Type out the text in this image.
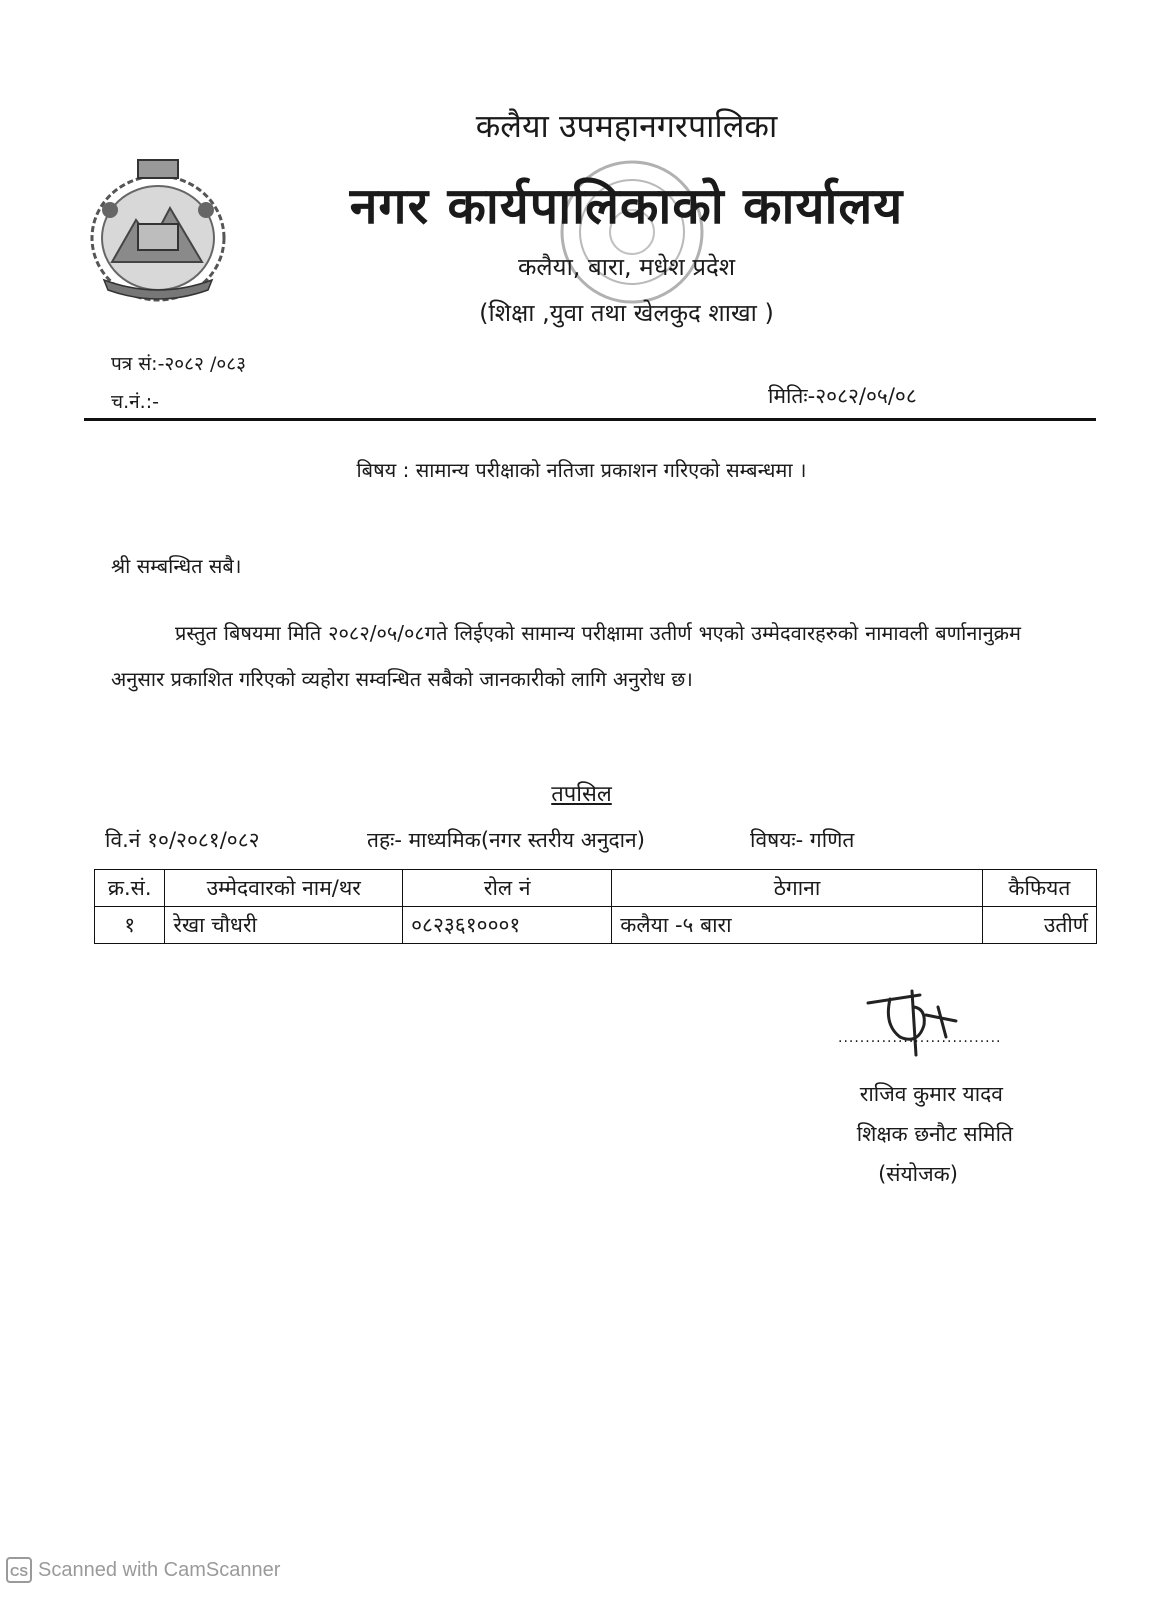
कलैया उपमहानगरपालिका
नगर कार्यपालिकाको कार्यालय
कलैया, बारा, मधेश प्रदेश
(शिक्षा ,युवा तथा खेलकुद शाखा )
पत्र सं:-२०८२ /०८३
च.नं.:-	मितिः-२०८२/०५/०८
बिषय : सामान्य परीक्षाको नतिजा प्रकाशन गरिएको सम्बन्धमा ।
श्री सम्बन्धित सबै।
प्रस्तुत बिषयमा मिति २०८२/०५/०८गते लिईएको सामान्य परीक्षामा उतीर्ण भएको उम्मेदवारहरुको नामावली बर्णानानुक्रम अनुसार प्रकाशित गरिएको व्यहोरा सम्वन्धित सबैको जानकारीको लागि अनुरोध छ।
तपसिल
वि.नं १०/२०८१/०८२	तहः- माध्यमिक(नगर स्तरीय अनुदान)	विषयः- गणित
क्र.सं.	उम्मेदवारको नाम/थर	रोल नं	ठेगाना	कैफियत
१	रेखा चौधरी	०८२३६१०००१	कलैया -५ बारा	उतीर्ण
..............................
राजिव कुमार यादव
शिक्षक छनौट समिति
(संयोजक)
CS Scanned with CamScanner
